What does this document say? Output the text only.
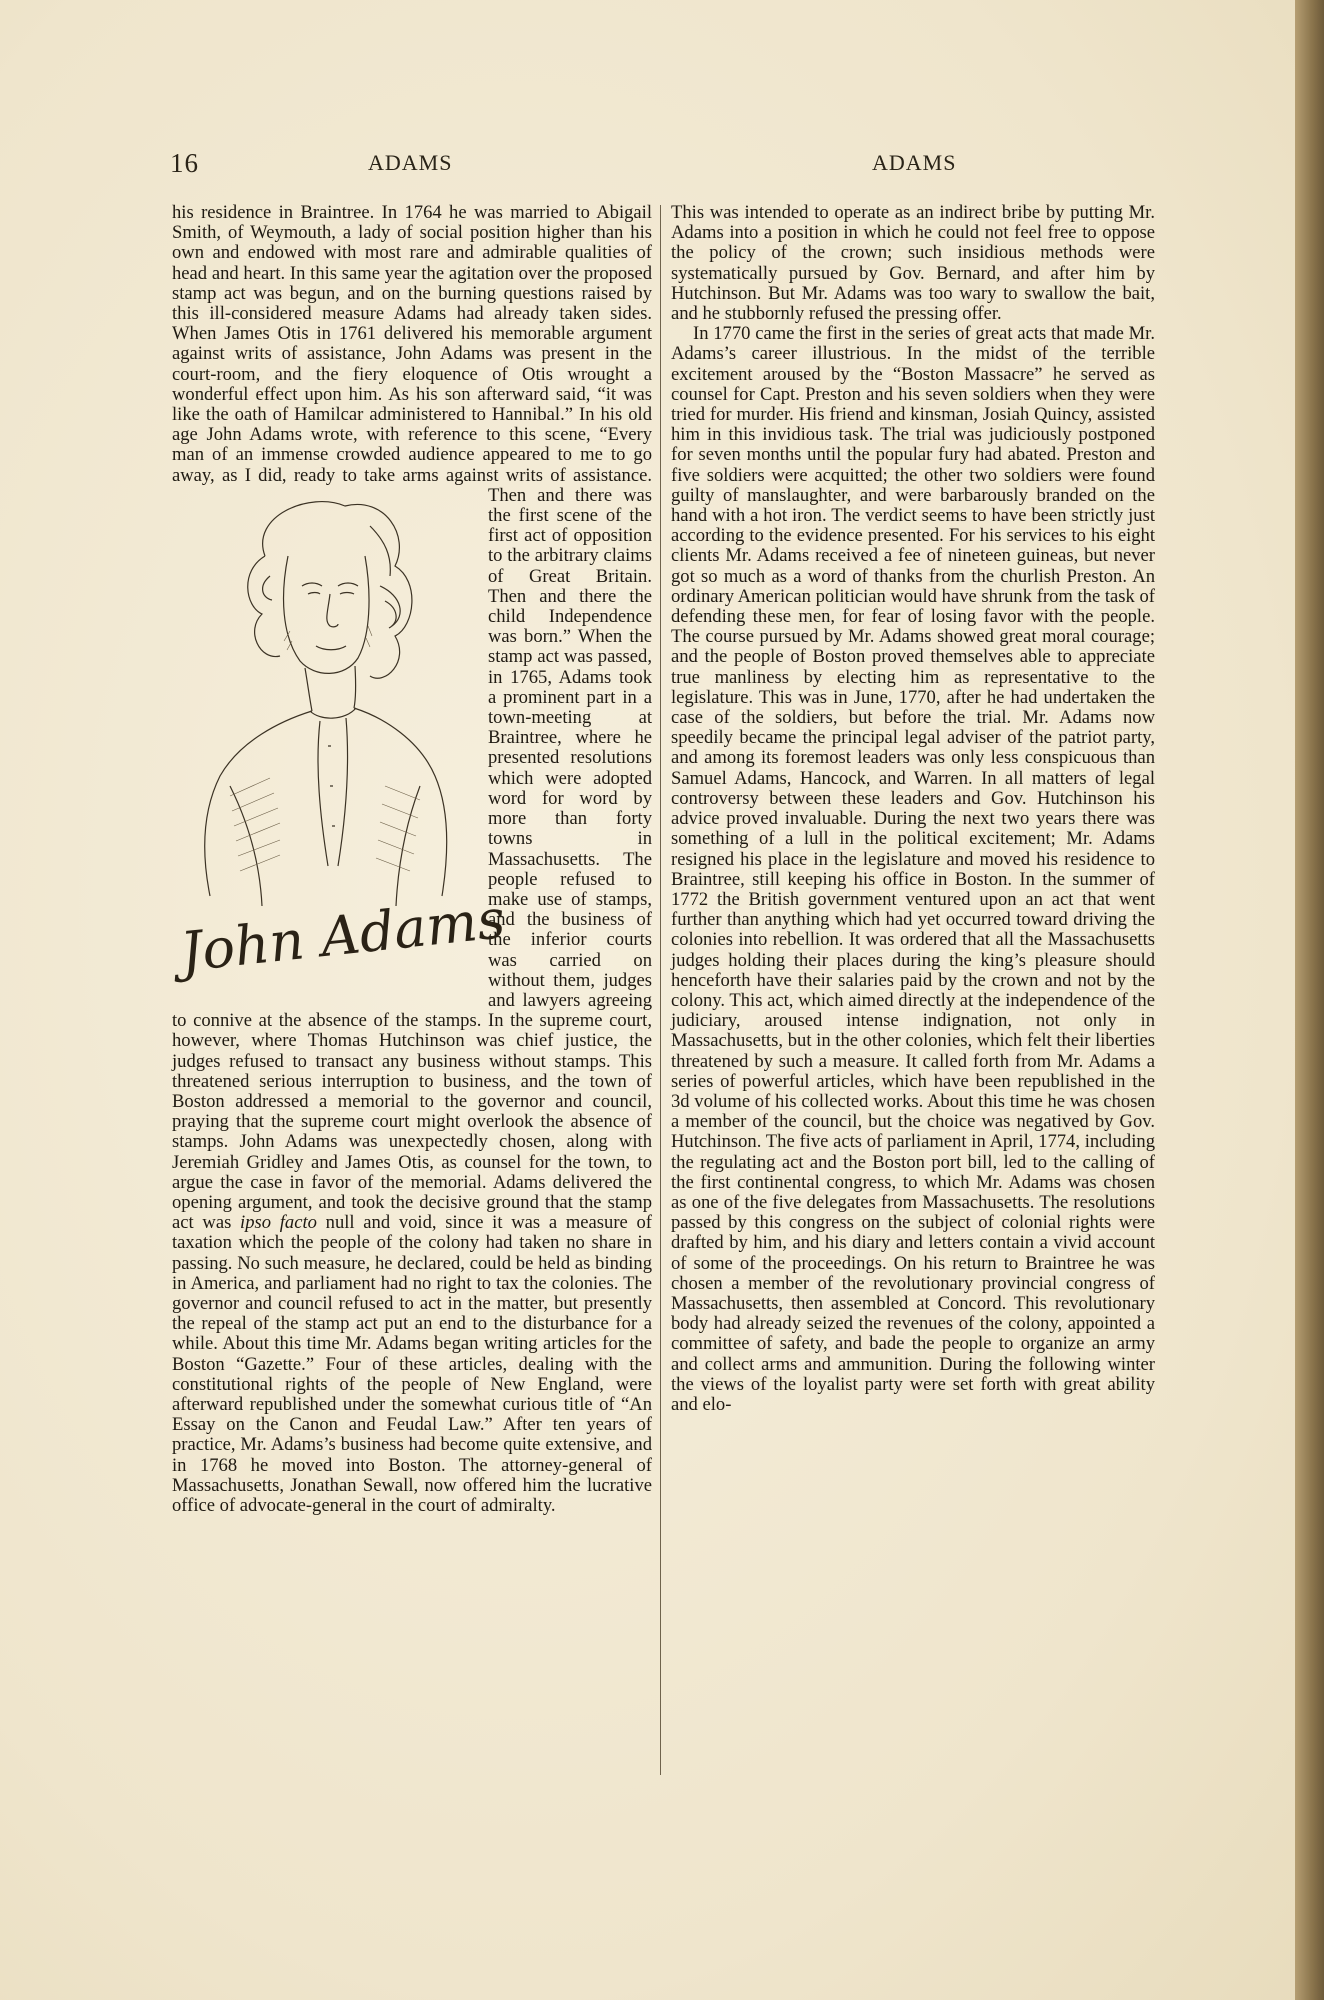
16	ADAMS	ADAMS

his residence in Braintree. In 1764 he was married to Abigail Smith, of Weymouth, a lady of social position higher than his own and endowed with most rare and admirable qualities of head and heart. In this same year the agitation over the proposed stamp act was begun, and on the burning questions raised by this ill-considered measure Adams had already taken sides. When James Otis in 1761 delivered his memorable argument against writs of assistance, John Adams was present in the court-room, and the fiery eloquence of Otis wrought a wonderful effect upon him. As his son afterward said, “it was like the oath of Hamilcar administered to Hannibal.” In his old age John Adams wrote, with reference to this scene, “Every man of an immense crowded audience appeared to me to go away, as I did, ready to take arms against writs of assistance. Then and there
John Adams
was the first scene of the first act of opposition to the arbitrary claims of Great Britain. Then and there the child Independence was born.” When the stamp act was passed, in 1765, Adams took a prominent part in a town-meeting at Braintree, where he presented resolutions which were adopted word for word by more than forty towns in Massachusetts. The people refused to make use of stamps, and the business of the inferior courts was carried on without them, judges and lawyers agreeing to connive at the absence of the stamps. In the supreme court, however, where Thomas Hutchinson was chief justice, the judges refused to transact any business without stamps. This threatened serious interruption to business, and the town of Boston addressed a memorial to the governor and council, praying that the supreme court might overlook the absence of stamps. John Adams was unexpectedly chosen, along with Jeremiah Gridley and James Otis, as counsel for the town, to argue the case in favor of the memorial. Adams delivered the opening argument, and took the decisive ground that the stamp act was ipso facto null and void, since it was a measure of taxation which the people of the colony had taken no share in passing. No such measure, he declared, could be held as binding in America, and parliament had no right to tax the colonies. The governor and council refused to act in the matter, but presently the repeal of the stamp act put an end to the disturbance for a while. About this time Mr. Adams began writing articles for the Boston “Gazette.” Four of these articles, dealing with the constitutional rights of the people of New England, were afterward republished under the somewhat curious title of “An Essay on the Canon and Feudal Law.” After ten years of practice, Mr. Adams’s business had become quite extensive, and in 1768 he moved into Boston. The attorney-general of Massachusetts, Jonathan Sewall, now offered him the lucrative office of advocate-general in the court of admiralty.

This was intended to operate as an indirect bribe by putting Mr. Adams into a position in which he could not feel free to oppose the policy of the crown; such insidious methods were systematically pursued by Gov. Bernard, and after him by Hutchinson. But Mr. Adams was too wary to swallow the bait, and he stubbornly refused the pressing offer.

In 1770 came the first in the series of great acts that made Mr. Adams’s career illustrious. In the midst of the terrible excitement aroused by the “Boston Massacre” he served as counsel for Capt. Preston and his seven soldiers when they were tried for murder. His friend and kinsman, Josiah Quincy, assisted him in this invidious task. The trial was judiciously postponed for seven months until the popular fury had abated. Preston and five soldiers were acquitted; the other two soldiers were found guilty of manslaughter, and were barbarously branded on the hand with a hot iron. The verdict seems to have been strictly just according to the evidence presented. For his services to his eight clients Mr. Adams received a fee of nineteen guineas, but never got so much as a word of thanks from the churlish Preston. An ordinary American politician would have shrunk from the task of defending these men, for fear of losing favor with the people. The course pursued by Mr. Adams showed great moral courage; and the people of Boston proved themselves able to appreciate true manliness by electing him as representative to the legislature. This was in June, 1770, after he had undertaken the case of the soldiers, but before the trial. Mr. Adams now speedily became the principal legal adviser of the patriot party, and among its foremost leaders was only less conspicuous than Samuel Adams, Hancock, and Warren. In all matters of legal controversy between these leaders and Gov. Hutchinson his advice proved invaluable. During the next two years there was something of a lull in the political excitement; Mr. Adams resigned his place in the legislature and moved his residence to Braintree, still keeping his office in Boston. In the summer of 1772 the British government ventured upon an act that went further than anything which had yet occurred toward driving the colonies into rebellion. It was ordered that all the Massachusetts judges holding their places during the king’s pleasure should henceforth have their salaries paid by the crown and not by the colony. This act, which aimed directly at the independence of the judiciary, aroused intense indignation, not only in Massachusetts, but in the other colonies, which felt their liberties threatened by such a measure. It called forth from Mr. Adams a series of powerful articles, which have been republished in the 3d volume of his collected works. About this time he was chosen a member of the council, but the choice was negatived by Gov. Hutchinson. The five acts of parliament in April, 1774, including the regulating act and the Boston port bill, led to the calling of the first continental congress, to which Mr. Adams was chosen as one of the five delegates from Massachusetts. The resolutions passed by this congress on the subject of colonial rights were drafted by him, and his diary and letters contain a vivid account of some of the proceedings. On his return to Braintree he was chosen a member of the revolutionary provincial congress of Massachusetts, then assembled at Concord. This revolutionary body had already seized the revenues of the colony, appointed a committee of safety, and bade the people to organize an army and collect arms and ammunition. During the following winter the views of the loyalist party were set forth with great ability and elo-
